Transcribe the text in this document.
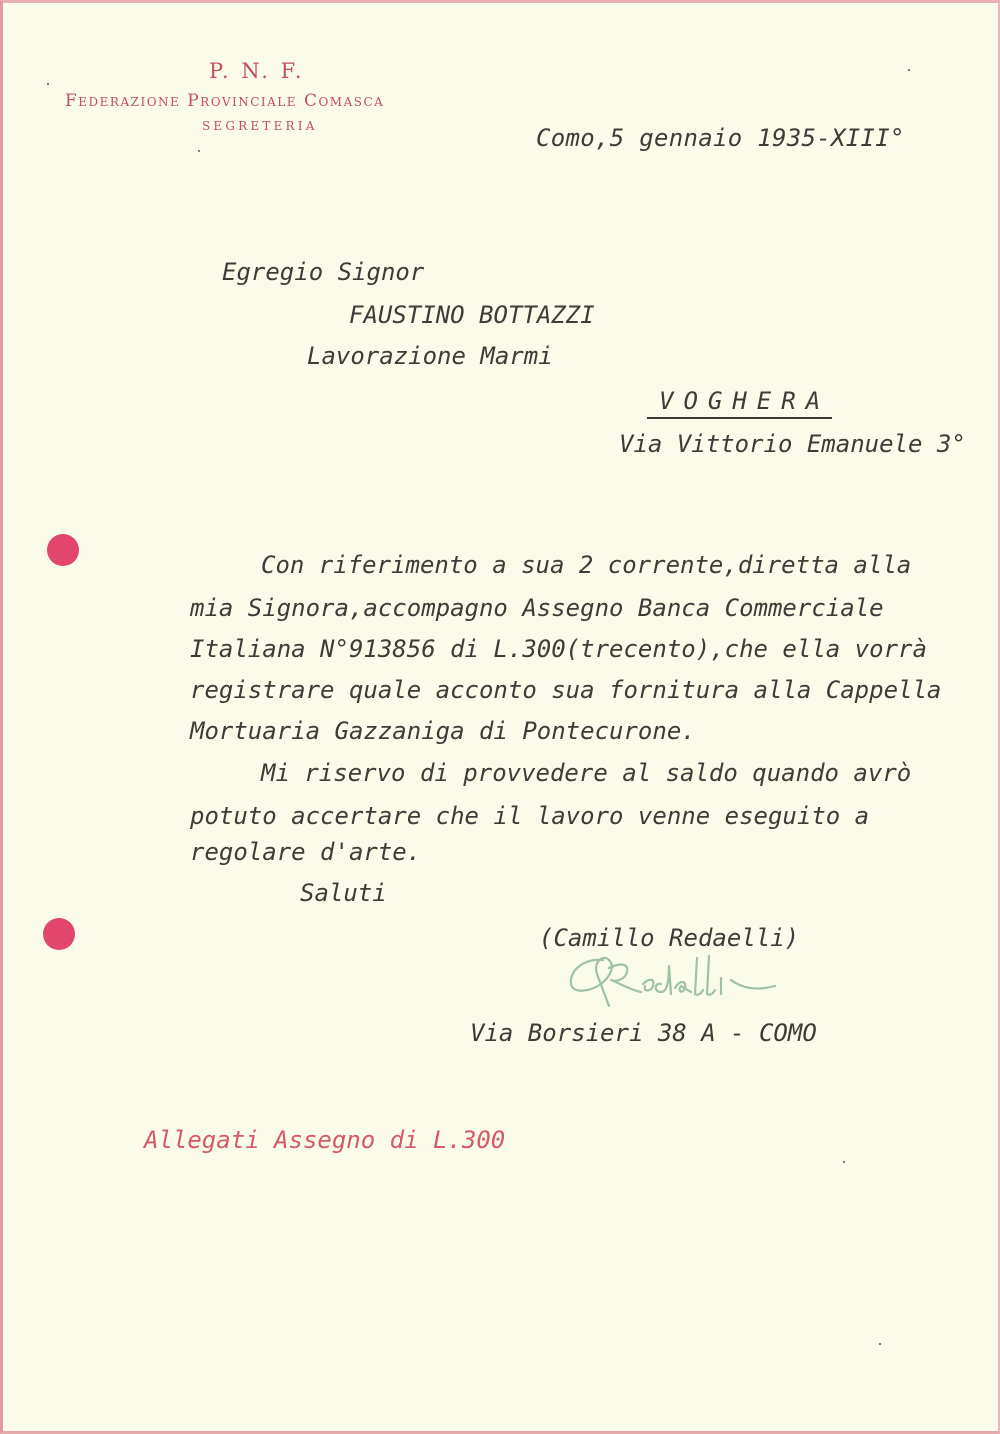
P. N. F.
Federazione Provinciale Comasca
SEGRETERIA	Como,5 gennaio 1935-XIII°
Egregio Signor
FAUSTINO BOTTAZZI
Lavorazione Marmi
VOGHERA
Via Vittorio Emanuele 3°
Con riferimento a sua 2 corrente,diretta alla
mia Signora,accompagno Assegno Banca Commerciale
Italiana N°913856 di L.300(trecento),che ella vorrà
registrare quale acconto sua fornitura alla Cappella
Mortuaria Gazzaniga di Pontecurone.
Mi riservo di provvedere al saldo quando avrò
potuto accertare che il lavoro venne eseguito a
regolare d'arte.
Saluti
(Camillo Redaelli)
Via Borsieri 38 A - COMO
Allegati Assegno di L.300
